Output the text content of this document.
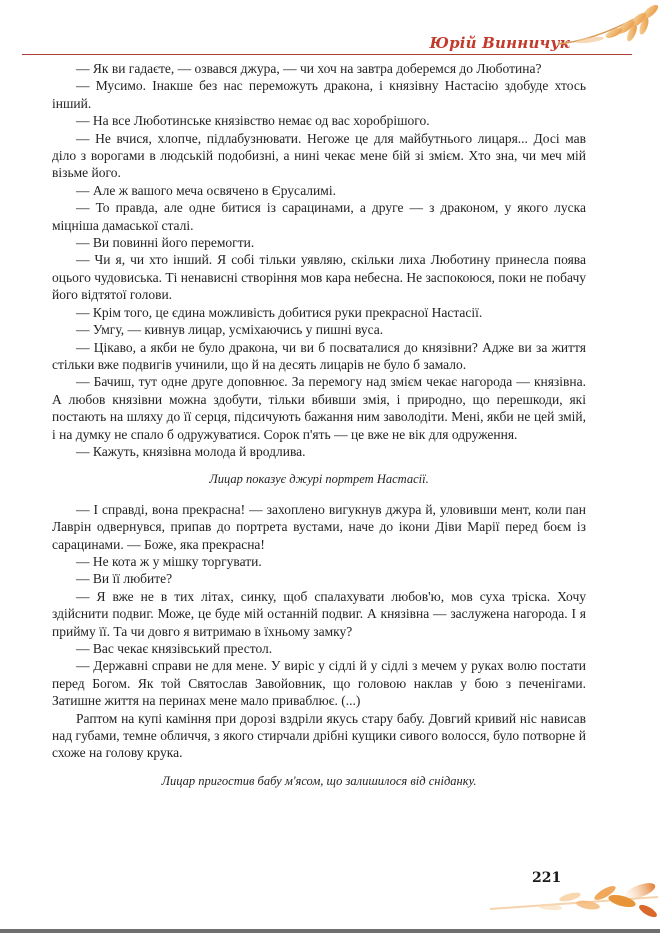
Юрій Винничук

— Як ви гадаєте, — озвався джура, — чи хоч на завтра доберемся до Люботина?

— Мусимо. Інакше без нас переможуть дракона, і князівну Настасію здобуде хтось інший.

— На все Люботинське князівство немає од вас хоробрішого.

— Не вчися, хлопче, підлабузнювати. Негоже це для майбутнього лицаря... Досі мав діло з ворогами в людській подобизні, а нині чекає мене бій зі змієм. Хто зна, чи меч мій візьме його.

— Але ж вашого меча освячено в Єрусалимі.

— То правда, але одне битися із сарацинами, а друге — з драконом, у якого луска міцніша дамаської сталі.

— Ви повинні його перемогти.

— Чи я, чи хто інший. Я собі тільки уявляю, скільки лиха Люботину принесла поява оцього чудовиська. Ті ненависні створіння мов кара небесна. Не заспокоюся, поки не побачу його відтятої голови.

— Крім того, це єдина можливість добитися руки прекрасної Настасії.

— Умгу, — кивнув лицар, усміхаючись у пишні вуса.

— Цікаво, а якби не було дракона, чи ви б посваталися до князівни? Адже ви за життя стільки вже подвигів учинили, що й на десять лицарів не було б замало.

— Бачиш, тут одне друге доповнює. За перемогу над змієм чекає нагорода — князівна. А любов князівни можна здобути, тільки вбивши змія, і природно, що перешкоди, які постають на шляху до її серця, підсичують бажання ним заволодіти. Мені, якби не цей змій, і на думку не спало б одружуватися. Сорок п'ять — це вже не вік для одруження.

— Кажуть, князівна молода й вродлива.

Лицар показує джурі портрет Настасії.

— І справді, вона прекрасна! — захоплено вигукнув джура й, уловивши мент, коли пан Лаврін одвернувся, припав до портрета вустами, наче до ікони Діви Марії перед боєм із сарацинами. — Боже, яка прекрасна!

— Не кота ж у мішку торгувати.

— Ви її любите?

— Я вже не в тих літах, синку, щоб спалахувати любов'ю, мов суха тріска. Хочу здійснити подвиг. Може, це буде мій останній подвиг. А князівна — заслужена нагорода. І я прийму її. Та чи довго я витримаю в їхньому замку?

— Вас чекає князівський престол.

— Державні справи не для мене. У виріс у сідлі й у сідлі з мечем у руках волю постати перед Богом. Як той Святослав Завойовник, що головою наклав у бою з печенігами. Затишне життя на перинах мене мало приваблює. (...)

Раптом на купі каміння при дорозі вздріли якусь стару бабу. Довгий кривий ніс нависав над губами, темне обличчя, з якого стирчали дрібні кущики сивого волосся, було потворне й схоже на голову крука.

Лицар пригостив бабу м'ясом, що залишилося від сніданку.

221
